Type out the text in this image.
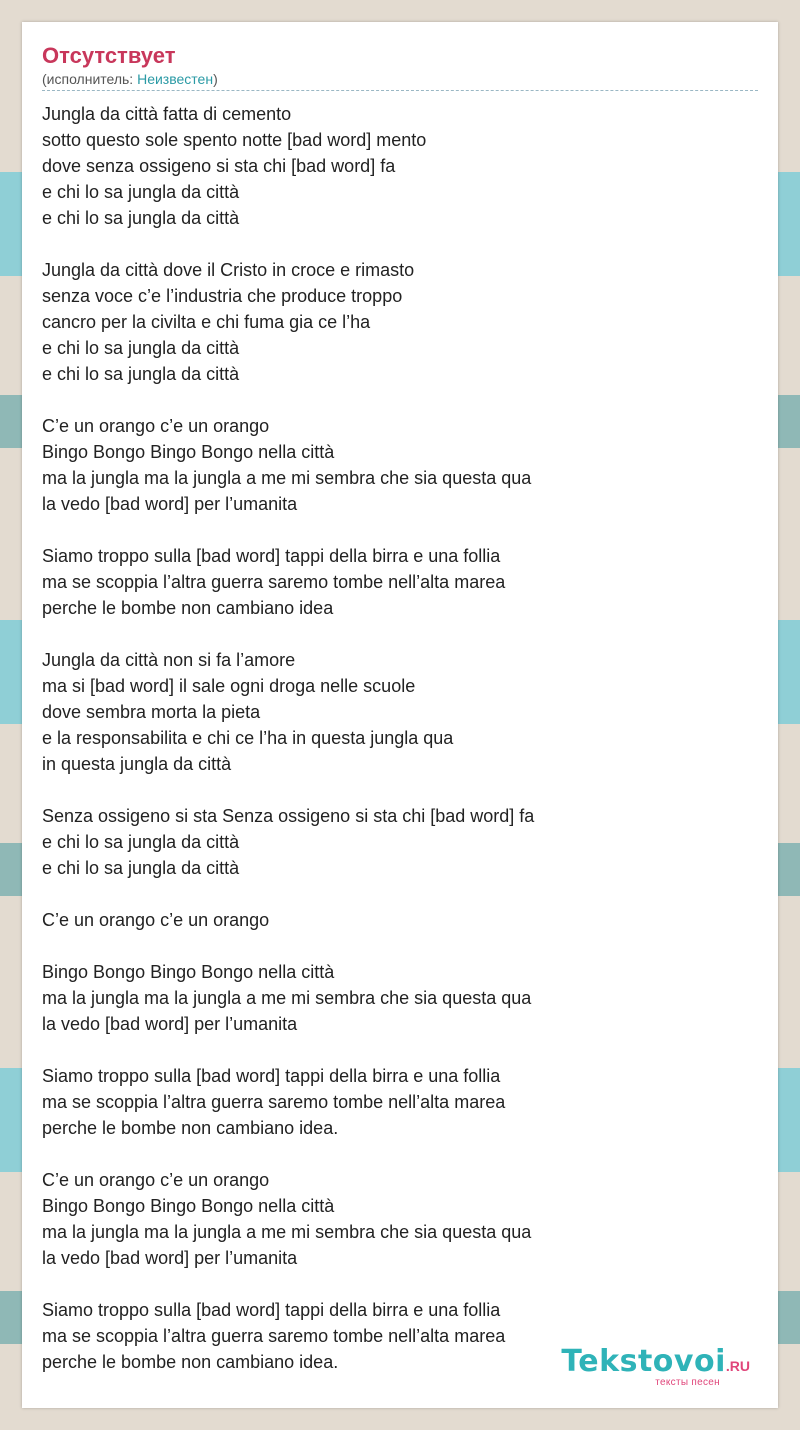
Отсутствует
(исполнитель: Неизвестен)
Jungla da città fatta di cemento
sotto questo sole spento notte [bad word] mento
dove senza ossigeno si sta chi [bad word] fa
e chi lo sa jungla da città
e chi lo sa jungla da città
Jungla da città dove il Cristo in croce e rimasto
senza voce c’e l’industria che produce troppo
cancro per la civilta e chi fuma gia ce l’ha
e chi lo sa jungla da città
e chi lo sa jungla da città
C’e un orango c’e un orango
Bingo Bongo Bingo Bongo nella città
ma la jungla ma la jungla a me mi sembra che sia questa qua
la vedo [bad word] per l’umanita
Siamo troppo sulla [bad word] tappi della birra e una follia
ma se scoppia l’altra guerra saremo tombe nell’alta marea
perche le bombe non cambiano idea
Jungla da città non si fa l’amore
ma si [bad word] il sale ogni droga nelle scuole
dove sembra morta la pieta
e la responsabilita e chi ce l’ha in questa jungla qua
in questa jungla da città
Senza ossigeno si sta Senza ossigeno si sta chi [bad word] fa
e chi lo sa jungla da città
e chi lo sa jungla da città
C’e un orango c’e un orango
Bingo Bongo Bingo Bongo nella città
ma la jungla ma la jungla a me mi sembra che sia questa qua
la vedo [bad word] per l’umanita
Siamo troppo sulla [bad word] tappi della birra e una follia
ma se scoppia l’altra guerra saremo tombe nell’alta marea
perche le bombe non cambiano idea.
C’e un orango c’e un orango
Bingo Bongo Bingo Bongo nella città
ma la jungla ma la jungla a me mi sembra che sia questa qua
la vedo [bad word] per l’umanita
Siamo troppo sulla [bad word] tappi della birra e una follia
ma se scoppia l’altra guerra saremo tombe nell’alta marea
perche le bombe non cambiano idea.	Tekstovoi.RU
тексты песен
